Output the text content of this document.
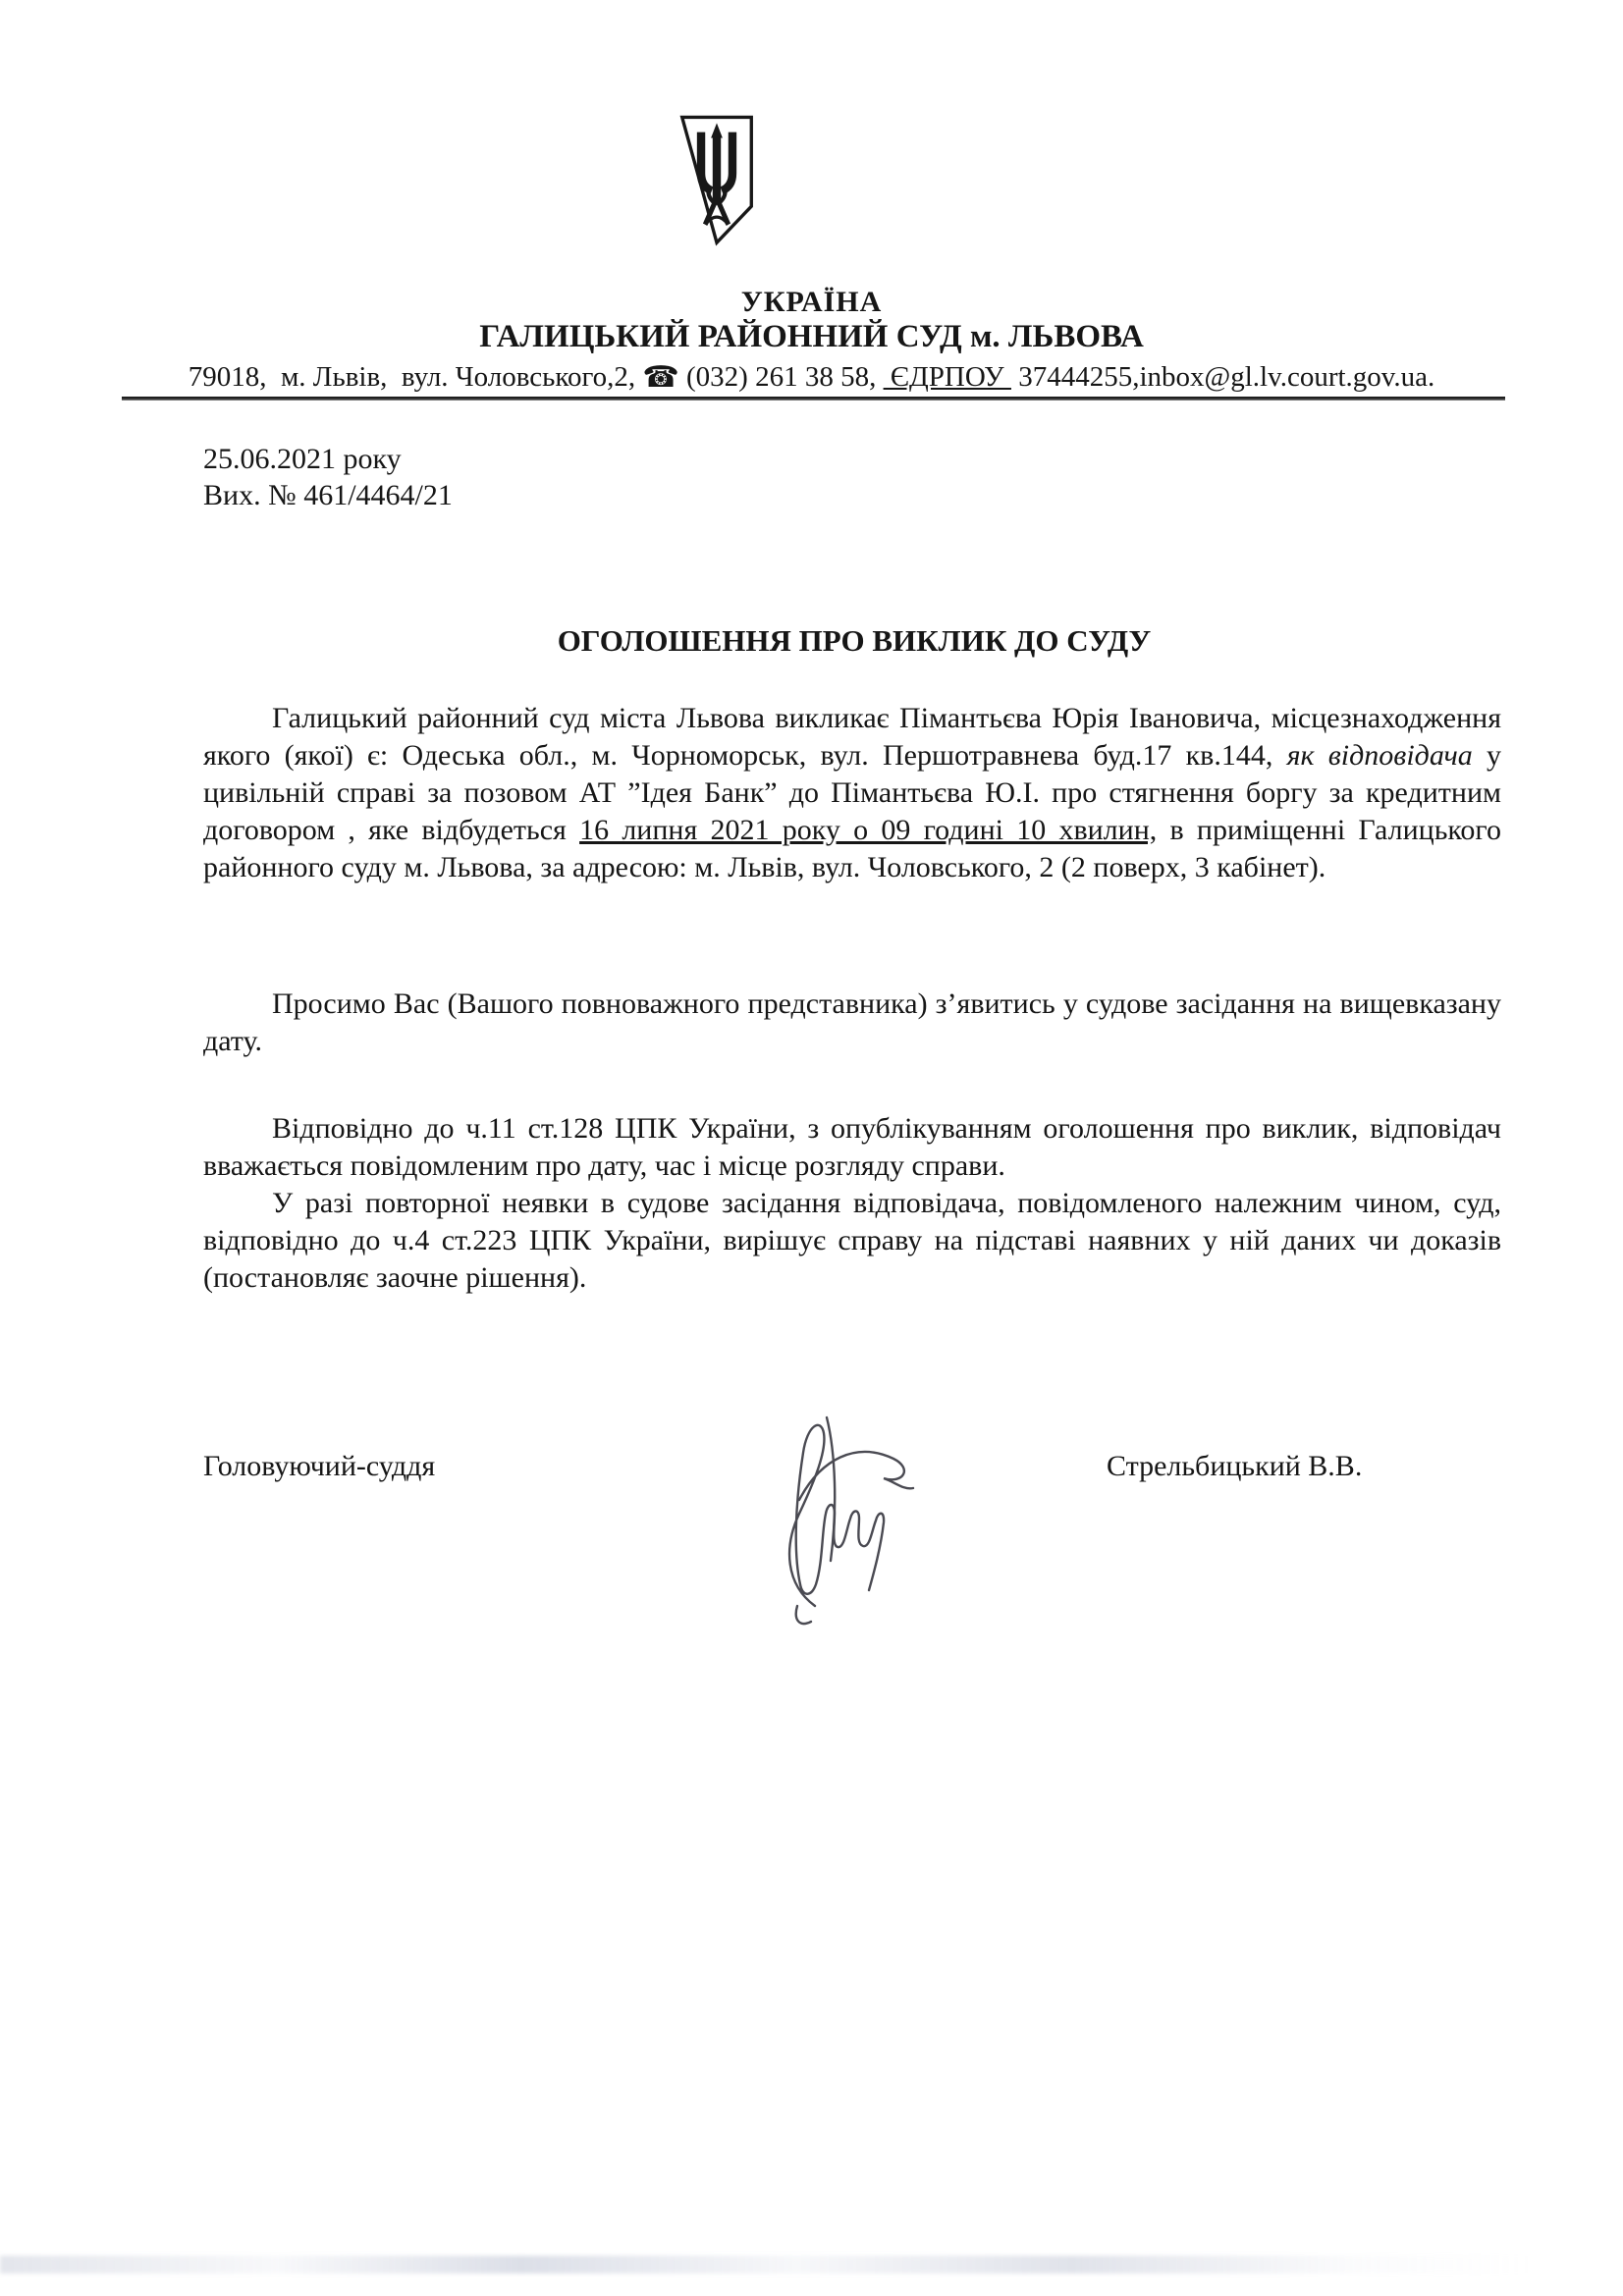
УКРАЇНА
ГАЛИЦЬКИЙ РАЙОННИЙ СУД м. ЛЬВОВА
79018,  м. Львів,  вул. Чоловського,2, ☎ (032) 261 38 58,  ЄДРПОУ  37444255,inbox@gl.lv.court.gov.ua.
25.06.2021 року
Вих. № 461/4464/21
ОГОЛОШЕННЯ ПРО ВИКЛИК ДО СУДУ

Галицький районний суд міста Львова викликає Пімантьєва Юрія Івановича, місцезнаходження якого (якої) є: Одеська обл., м. Чорноморськ, вул. Першотравнева буд.17 кв.144, як відповідача у цивільній справі за позовом АТ ”Ідея Банк” до Пімантьєва Ю.І. про стягнення боргу за кредитним договором , яке відбудеться 16 липня 2021 року о 09 годині 10 хвилин, в приміщенні Галицького районного суду м. Львова, за адресою: м. Львів, вул. Чоловського, 2 (2 поверх, 3 кабінет).

Просимо Вас (Вашого повноважного представника) з’явитись у судове засідання на вищевказану дату.

Відповідно до ч.11 ст.128 ЦПК України, з опублікуванням оголошення про виклик, відповідач вважається повідомленим про дату, час і місце розгляду справи.

У разі повторної неявки в судове засідання відповідача, повідомленого належним чином, суд, відповідно до ч.4 ст.223 ЦПК України, вирішує справу на підставі наявних у ній даних чи доказів (постановляє заочне рішення).

Головуючий-суддя	Стрельбицький В.В.
